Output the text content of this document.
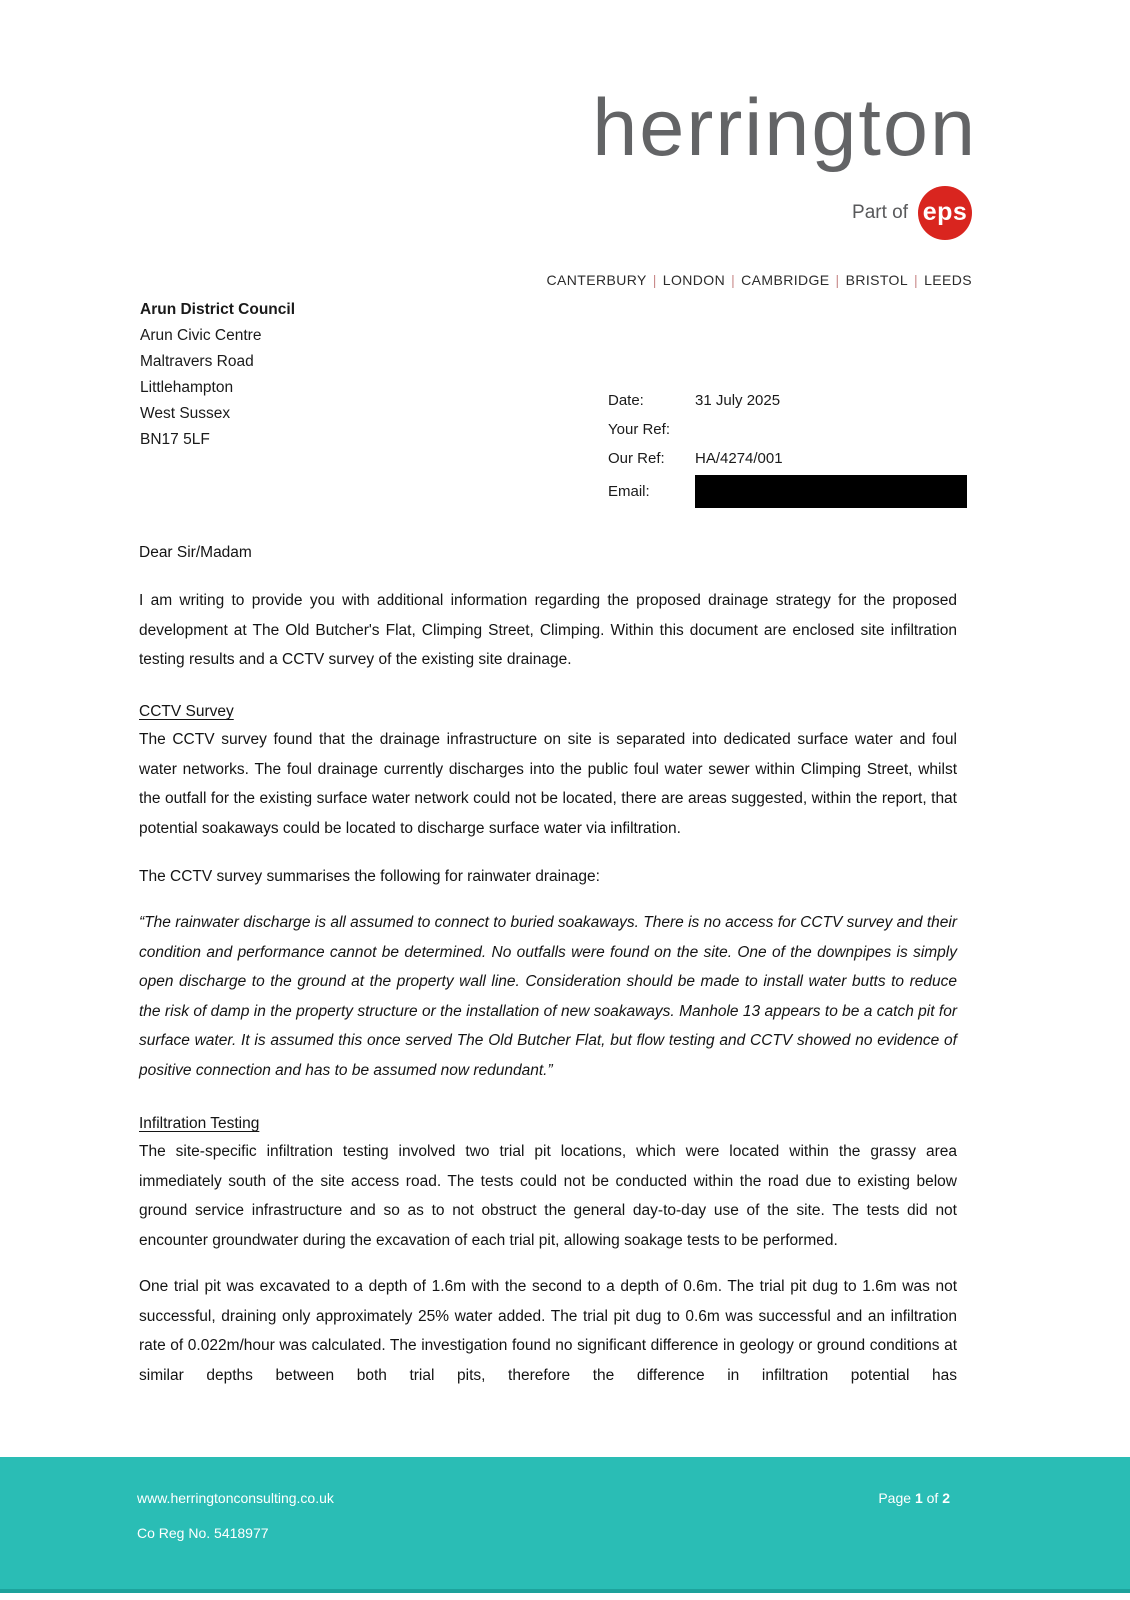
herrington
Part of eps
CANTERBURY | LONDON | CAMBRIDGE | BRISTOL | LEEDS
Arun District Council
Arun Civic Centre
Maltravers Road
Littlehampton
West Sussex
BN17 5LF
Date:	31 July 2025
Your Ref:
Our Ref:	HA/4274/001
Email:
Dear Sir/Madam
I am writing to provide you with additional information regarding the proposed drainage strategy for the proposed development at The Old Butcher's Flat, Climping Street, Climping. Within this document are enclosed site infiltration testing results and a CCTV survey of the existing site drainage.
CCTV Survey
The CCTV survey found that the drainage infrastructure on site is separated into dedicated surface water and foul water networks. The foul drainage currently discharges into the public foul water sewer within Climping Street, whilst the outfall for the existing surface water network could not be located, there are areas suggested, within the report, that potential soakaways could be located to discharge surface water via infiltration.
The CCTV survey summarises the following for rainwater drainage:
“The rainwater discharge is all assumed to connect to buried soakaways. There is no access for CCTV survey and their condition and performance cannot be determined. No outfalls were found on the site. One of the downpipes is simply open discharge to the ground at the property wall line. Consideration should be made to install water butts to reduce the risk of damp in the property structure or the installation of new soakaways. Manhole 13 appears to be a catch pit for surface water. It is assumed this once served The Old Butcher Flat, but flow testing and CCTV showed no evidence of positive connection and has to be assumed now redundant.”
Infiltration Testing
The site-specific infiltration testing involved two trial pit locations, which were located within the grassy area immediately south of the site access road. The tests could not be conducted within the road due to existing below ground service infrastructure and so as to not obstruct the general day-to-day use of the site. The tests did not encounter groundwater during the excavation of each trial pit, allowing soakage tests to be performed.
One trial pit was excavated to a depth of 1.6m with the second to a depth of 0.6m. The trial pit dug to 1.6m was not successful, draining only approximately 25% water added. The trial pit dug to 0.6m was successful and an infiltration rate of 0.022m/hour was calculated. The investigation found no significant difference in geology or ground conditions at similar depths between both trial pits, therefore the difference in infiltration potential has
www.herringtonconsulting.co.uk	Page 1 of 2
Co Reg No. 5418977
